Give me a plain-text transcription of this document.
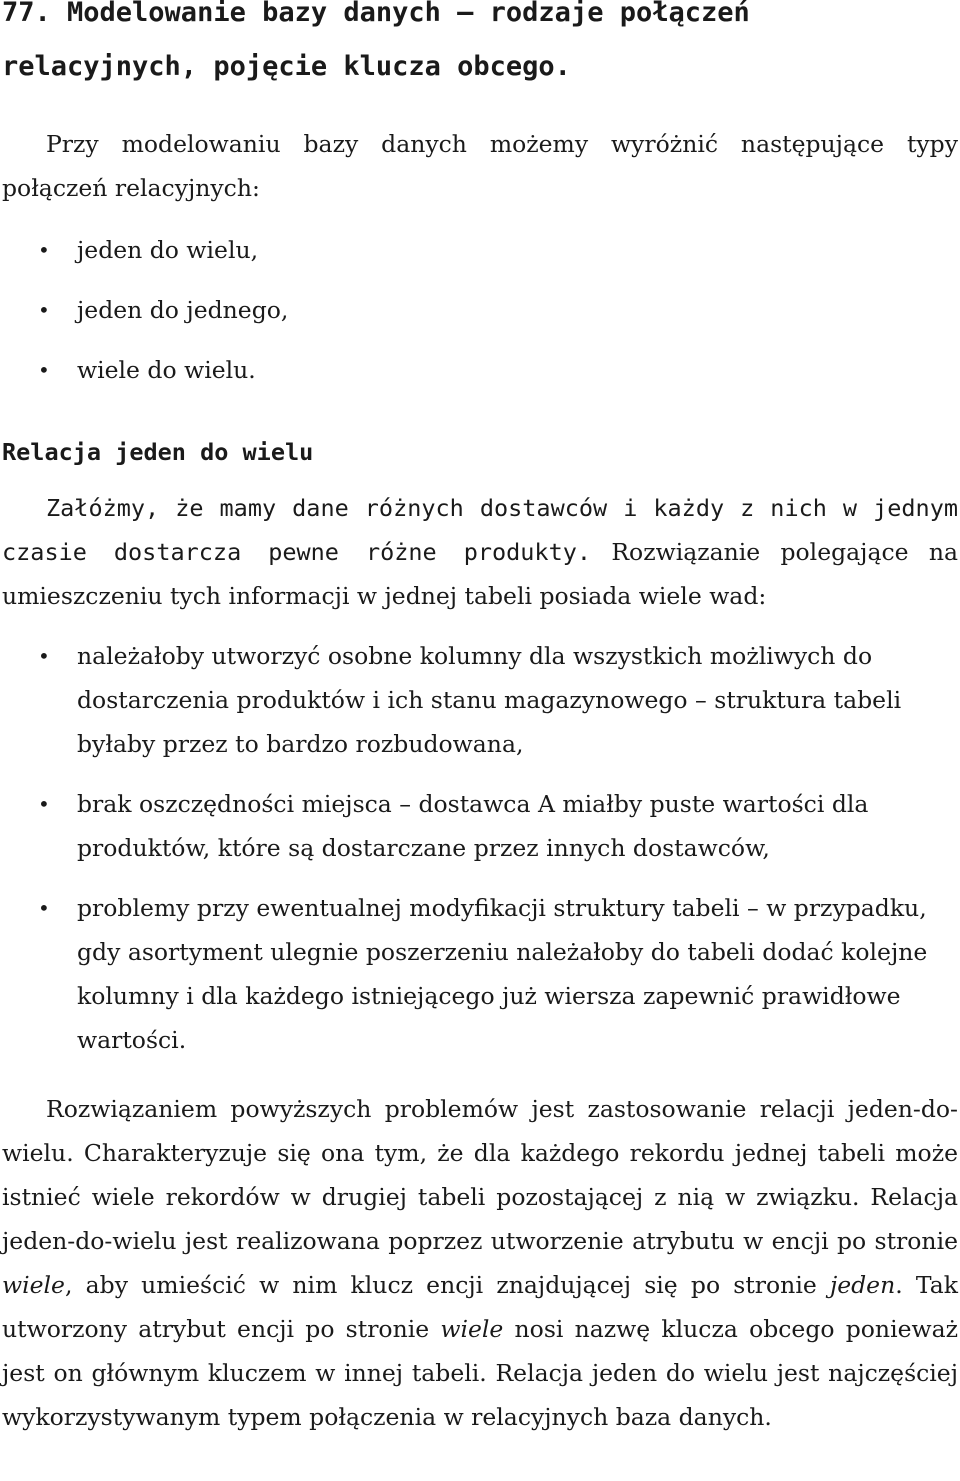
77. Modelowanie bazy danych – rodzaje połączeń
relacyjnych, pojęcie klucza obcego.

Przy modelowaniu bazy danych możemy wyróżnić następujące typy połączeń relacyjnych:

• jeden do wielu,
• jeden do jednego,
• wiele do wielu.
Relacja jeden do wielu

Załóżmy, że mamy dane różnych dostawców i każdy z nich w jednym czasie dostarcza pewne różne produkty. Rozwiązanie polegające na umieszczeniu tych informacji w jednej tabeli posiada wiele wad:

• należałoby utworzyć osobne kolumny dla wszystkich możliwych do dostarczenia produktów i ich stanu magazynowego – struktura tabeli byłaby przez to bardzo rozbudowana,
• brak oszczędności miejsca – dostawca A miałby puste wartości dla produktów, które są dostarczane przez innych dostawców,
• problemy przy ewentualnej modyfikacji struktury tabeli – w przypadku, gdy asortyment ulegnie poszerzeniu należałoby do tabeli dodać kolejne kolumny i dla każdego istniejącego już wiersza zapewnić prawidłowe wartości.

Rozwiązaniem powyższych problemów jest zastosowanie relacji jeden-do-wielu. Charakteryzuje się ona tym, że dla każdego rekordu jednej tabeli może istnieć wiele rekordów w drugiej tabeli pozostającej z nią w związku. Relacja jeden-do-wielu jest realizowana poprzez utworzenie atrybutu w encji po stronie wiele, aby umieścić w nim klucz encji znajdującej się po stronie jeden. Tak utworzony atrybut encji po stronie wiele nosi nazwę klucza obcego ponieważ jest on głównym kluczem w innej tabeli. Relacja jeden do wielu jest najczęściej wykorzystywanym typem połączenia w relacyjnych baza danych.
